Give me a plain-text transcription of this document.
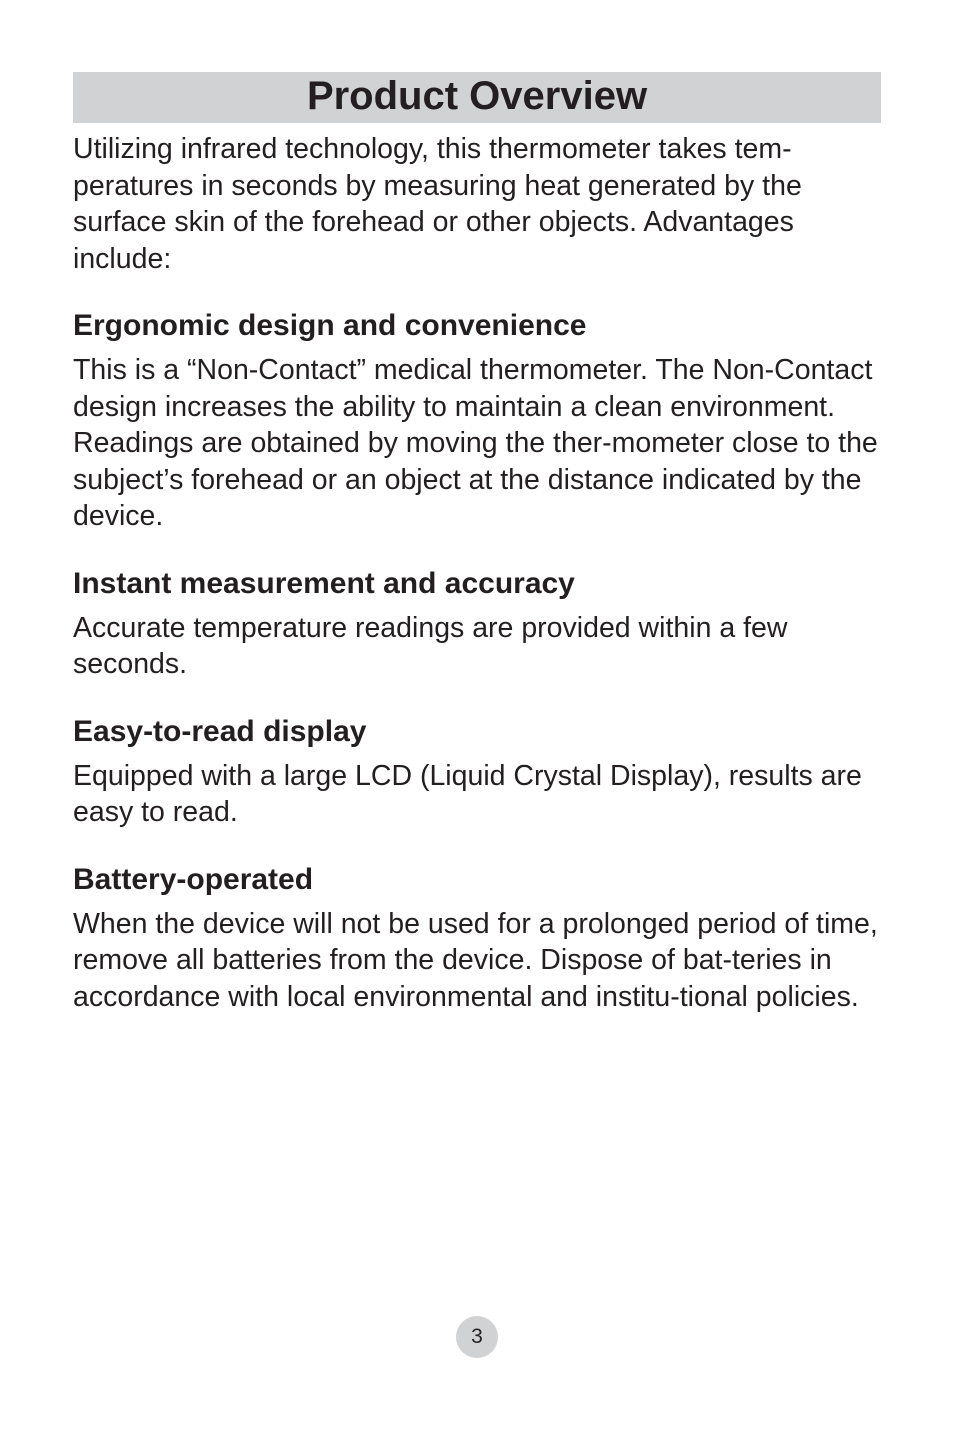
Product Overview

Utilizing infrared technology, this thermometer takes tem-peratures in seconds by measuring heat generated by the surface skin of the forehead or other objects. Advantages include:

Ergonomic design and convenience

This is a “Non-Contact” medical thermometer. The Non-Contact design increases the ability to maintain a clean environment. Readings are obtained by moving the ther-mometer close to the subject’s forehead or an object at the distance indicated by the device.

Instant measurement and accuracy

Accurate temperature readings are provided within a few seconds.

Easy-to-read display

Equipped with a large LCD (Liquid Crystal Display), results are easy to read.

Battery-operated

When the device will not be used for a prolonged period of time, remove all batteries from the device. Dispose of bat-teries in accordance with local environmental and institu-tional policies.

3
